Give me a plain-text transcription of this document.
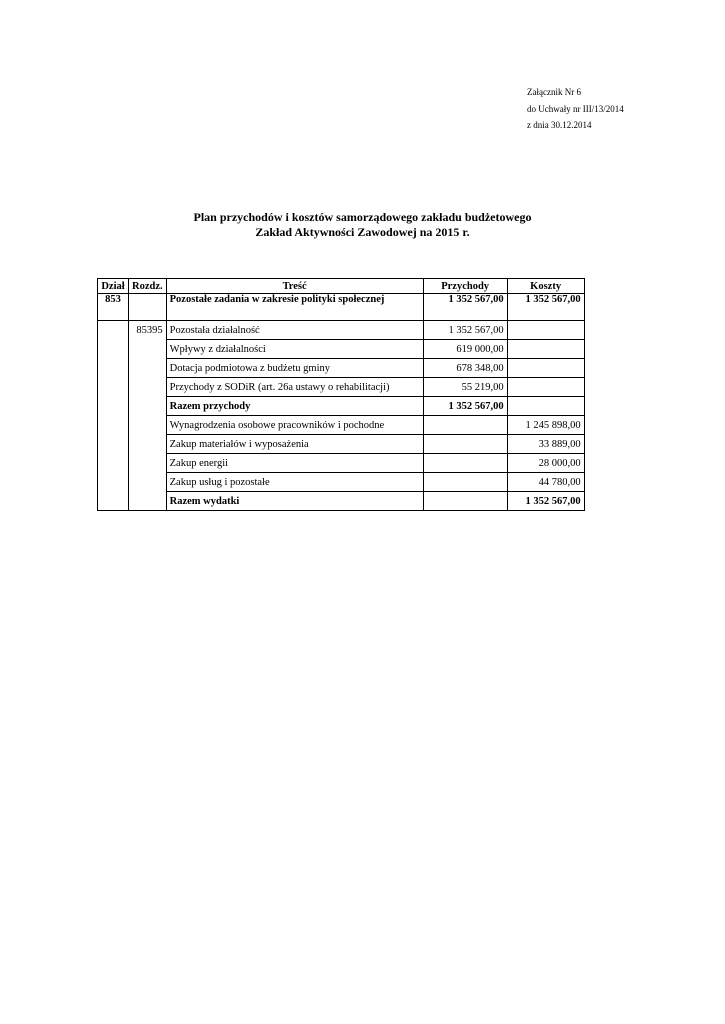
Załącznik Nr 6
do Uchwały nr III/13/2014
z dnia 30.12.2014
Plan przychodów i kosztów samorządowego zakładu budżetowego
Zakład Aktywności Zawodowej na 2015 r.
Dział	Rozdz.	Treść	Przychody	Koszty
853		Pozostałe zadania w zakresie polityki społecznej	1 352 567,00	1 352 567,00
	85395	Pozostała działalność	1 352 567,00	
		Wpływy z działalności	619 000,00	
		Dotacja podmiotowa z budżetu gminy	678 348,00	
		Przychody z SODiR (art. 26a ustawy o rehabilitacji)	55 219,00	
		Razem przychody	1 352 567,00	
		Wynagrodzenia osobowe pracowników i pochodne		1 245 898,00
		Zakup materiałów i wyposażenia		33 889,00
		Zakup energii		28 000,00
		Zakup usług i pozostałe		44 780,00
		Razem wydatki		1 352 567,00
